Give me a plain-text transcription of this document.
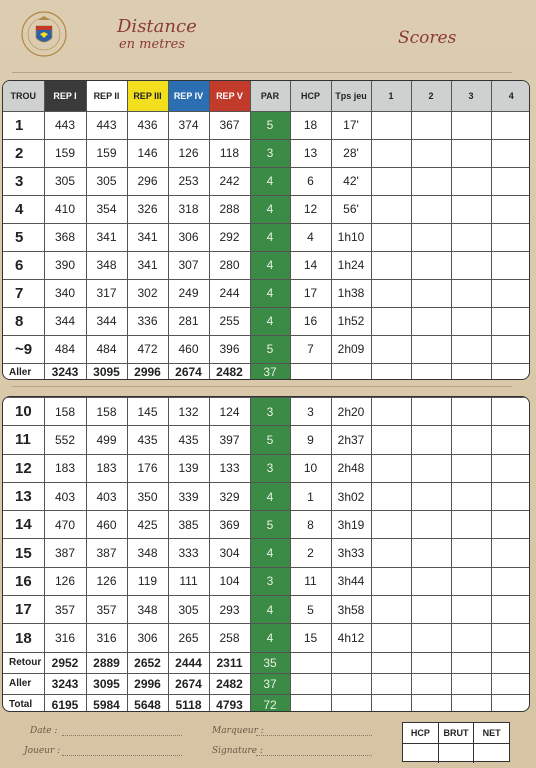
Distance
en metres	Scores
TROU	REP I	REP II	REP III	REP IV	REP V	PAR	HCP	Tps jeu	1	2	3	4
1	443	443	436	374	367	5	18	17'				
2	159	159	146	126	118	3	13	28'				
3	305	305	296	253	242	4	6	42'				
4	410	354	326	318	288	4	12	56'				
5	368	341	341	306	292	4	4	1h10				
6	390	348	341	307	280	4	14	1h24				
7	340	317	302	249	244	4	17	1h38				
8	344	344	336	281	255	4	16	1h52				
~9	484	484	472	460	396	5	7	2h09				
Aller	3243	3095	2996	2674	2482	37						
10	158	158	145	132	124	3	3	2h20				
11	552	499	435	435	397	5	9	2h37				
12	183	183	176	139	133	3	10	2h48				
13	403	403	350	339	329	4	1	3h02				
14	470	460	425	385	369	5	8	3h19				
15	387	387	348	333	304	4	2	3h33				
16	126	126	119	111	104	3	11	3h44				
17	357	357	348	305	293	4	5	3h58				
18	316	316	306	265	258	4	15	4h12				
Retour	2952	2889	2652	2444	2311	35						
Aller	3243	3095	2996	2674	2482	37						
Total	6195	5984	5648	5118	4793	72						
Date :
Joueur :
Marqueur :
Signature :
HCP	BRUT	NET
